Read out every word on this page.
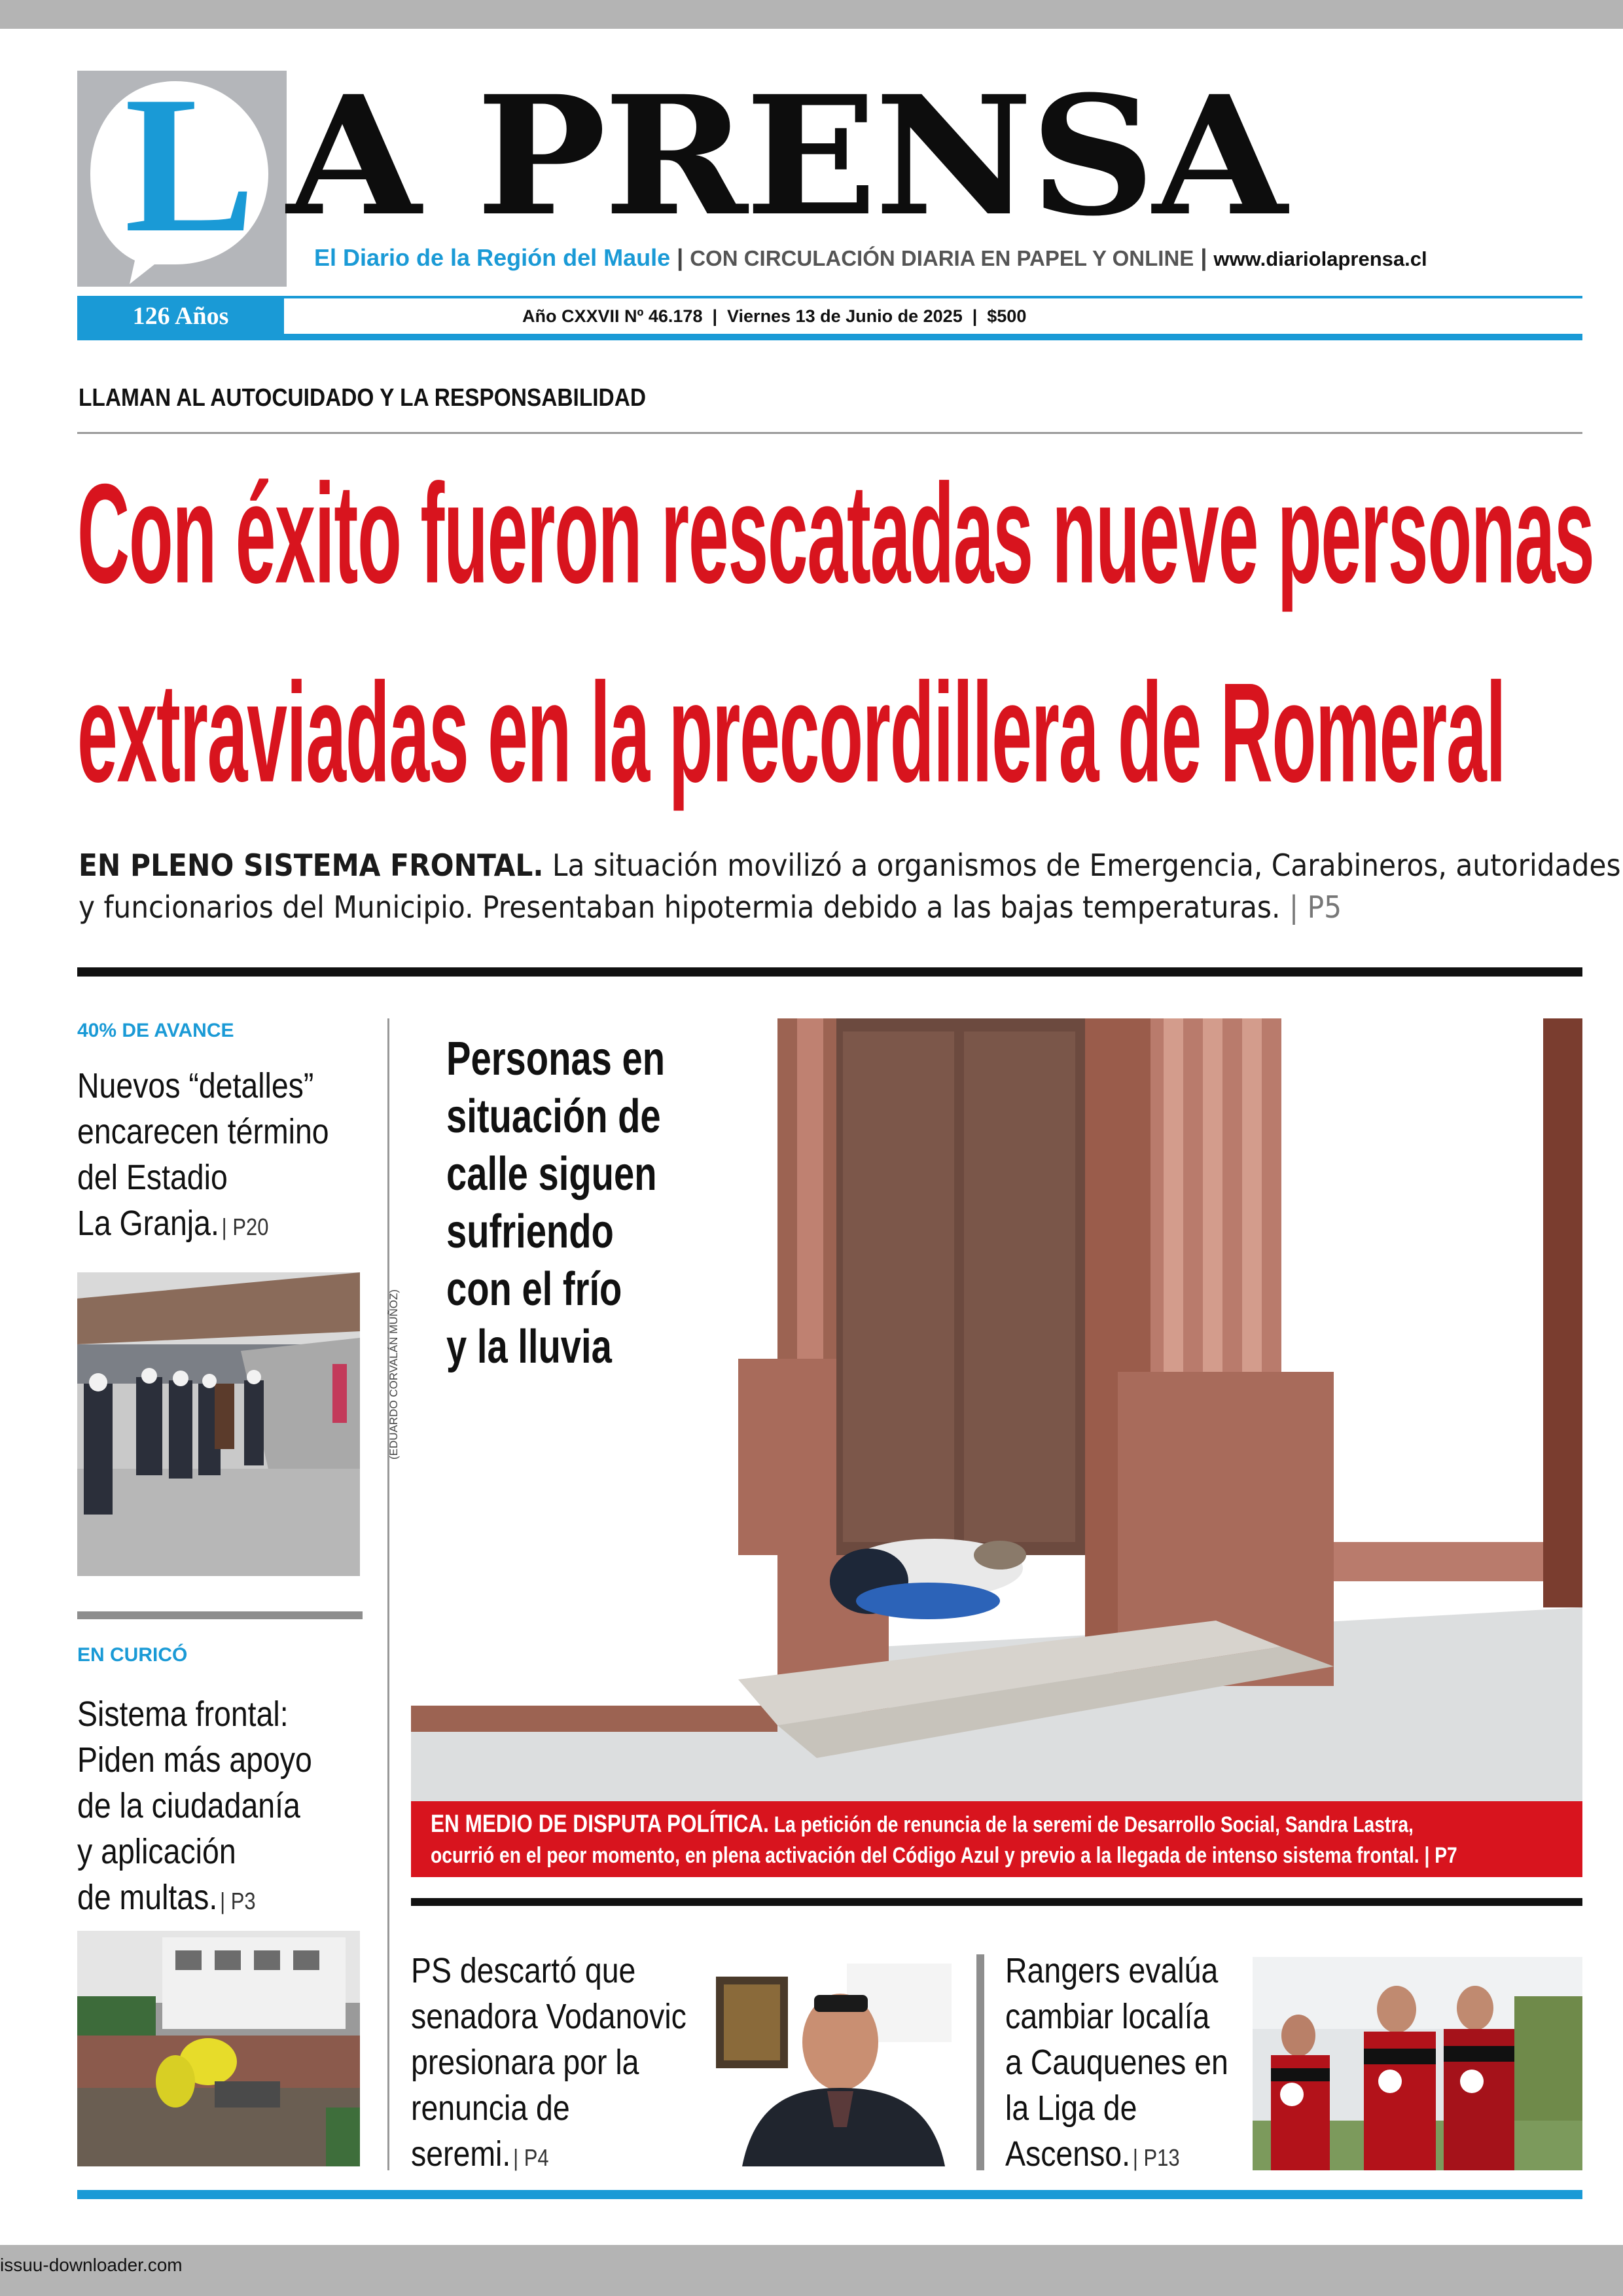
L A PRENSA
El Diario de la Región del Maule | CON CIRCULACIÓN DIARIA EN PAPEL Y ONLINE | www.diariolaprensa.cl
126 Años	Año CXXVII Nº 46.178  |  Viernes 13 de Junio de 2025  |  $500
LLAMAN AL AUTOCUIDADO Y LA RESPONSABILIDAD
Con éxito fueron rescatadas nueve personas
extraviadas en la precordillera de Romeral
EN PLENO SISTEMA FRONTAL. La situación movilizó a organismos de Emergencia, Carabineros, autoridades
y funcionarios del Municipio. Presentaban hipotermia debido a las bajas temperaturas. | P5
40% DE AVANCE
Nuevos “detalles”
encarecen término
del Estadio
La Granja. | P20
EN CURICÓ
Sistema frontal:
Piden más apoyo
de la ciudadanía
y aplicación
de multas. | P3
Personas en
situación de
calle siguen
sufriendo
con el frío
y la lluvia
(EDUARDO CORVALÁN MUÑOZ)
EN MEDIO DE DISPUTA POLÍTICA. La petición de renuncia de la seremi de Desarrollo Social, Sandra Lastra,
ocurrió en el peor momento, en plena activación del Código Azul y previo a la llegada de intenso sistema frontal. | P7
PS descartó que
senadora Vodanovic
presionara por la
renuncia de
seremi. | P4
Rangers evalúa
cambiar localía
a Cauquenes en
la Liga de
Ascenso. | P13
issuu-downloader.com
